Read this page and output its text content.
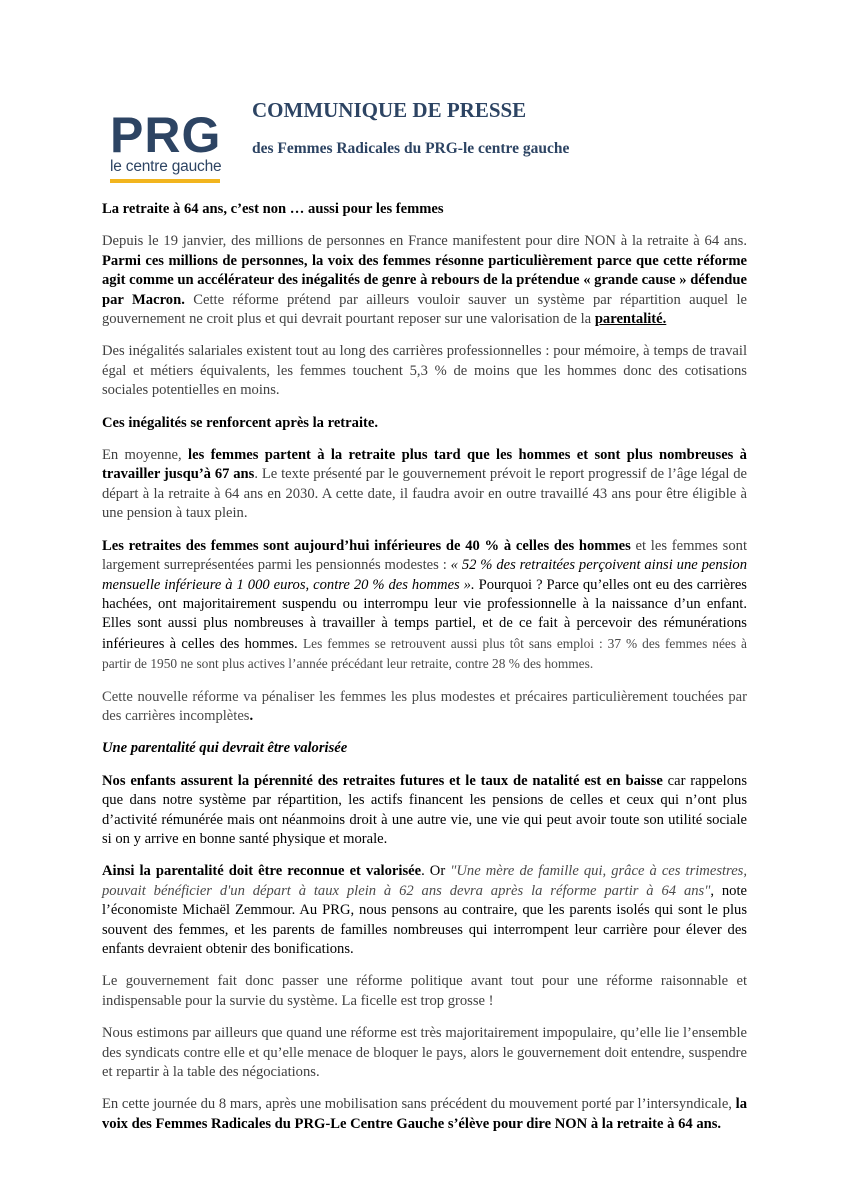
PRG
le centre gauche
COMMUNIQUE DE PRESSE
des Femmes Radicales du PRG-le centre gauche

La retraite à 64 ans, c’est non … aussi pour les femmes

Depuis le 19 janvier, des millions de personnes en France manifestent pour dire NON à la retraite à 64 ans. Parmi ces millions de personnes, la voix des femmes résonne particulièrement parce que cette réforme agit comme un accélérateur des inégalités de genre à rebours de la prétendue « grande cause » défendue par Macron. Cette réforme prétend par ailleurs vouloir sauver un système par répartition auquel le gouvernement ne croit plus et qui devrait pourtant reposer sur une valorisation de la parentalité.

Des inégalités salariales existent tout au long des carrières professionnelles : pour mémoire, à temps de travail égal et métiers équivalents, les femmes touchent 5,3 % de moins que les hommes donc des cotisations sociales potentielles en moins.

Ces inégalités se renforcent après la retraite.

En moyenne, les femmes partent à la retraite plus tard que les hommes et sont plus nombreuses à travailler jusqu’à 67 ans. Le texte présenté par le gouvernement prévoit le report progressif de l’âge légal de départ à la retraite à 64 ans en 2030. A cette date, il faudra avoir en outre travaillé 43 ans pour être éligible à une pension à taux plein.

Les retraites des femmes sont aujourd’hui inférieures de 40 % à celles des hommes et les femmes sont largement surreprésentées parmi les pensionnés modestes : « 52 % des retraitées perçoivent ainsi une pension mensuelle inférieure à 1 000 euros, contre 20 % des hommes ». Pourquoi ? Parce qu’elles ont eu des carrières hachées, ont majoritairement suspendu ou interrompu leur vie professionnelle à la naissance d’un enfant. Elles sont aussi plus nombreuses à travailler à temps partiel, et de ce fait à percevoir des rémunérations inférieures à celles des hommes. Les femmes se retrouvent aussi plus tôt sans emploi : 37 % des femmes nées à partir de 1950 ne sont plus actives l’année précédant leur retraite, contre 28 % des hommes.

Cette nouvelle réforme va pénaliser les femmes les plus modestes et précaires particulièrement touchées par des carrières incomplètes.

Une parentalité qui devrait être valorisée

Nos enfants assurent la pérennité des retraites futures et le taux de natalité est en baisse car rappelons que dans notre système par répartition, les actifs financent les pensions de celles et ceux qui n’ont plus d’activité rémunérée mais ont néanmoins droit à une autre vie, une vie qui peut avoir toute son utilité sociale si on y arrive en bonne santé physique et morale.

Ainsi la parentalité doit être reconnue et valorisée. Or "Une mère de famille qui, grâce à ces trimestres, pouvait bénéficier d'un départ à taux plein à 62 ans devra après la réforme partir à 64 ans", note l’économiste Michaël Zemmour. Au PRG, nous pensons au contraire, que les parents isolés qui sont le plus souvent des femmes, et les parents de familles nombreuses qui interrompent leur carrière pour élever des enfants devraient obtenir des bonifications.

Le gouvernement fait donc passer une réforme politique avant tout pour une réforme raisonnable et indispensable pour la survie du système. La ficelle est trop grosse !

Nous estimons par ailleurs que quand une réforme est très majoritairement impopulaire, qu’elle lie l’ensemble des syndicats contre elle et qu’elle menace de bloquer le pays, alors le gouvernement doit entendre, suspendre et repartir à la table des négociations.

En cette journée du 8 mars, après une mobilisation sans précédent du mouvement porté par l’intersyndicale, la voix des Femmes Radicales du PRG-Le Centre Gauche s’élève pour dire NON à la retraite à 64 ans.
